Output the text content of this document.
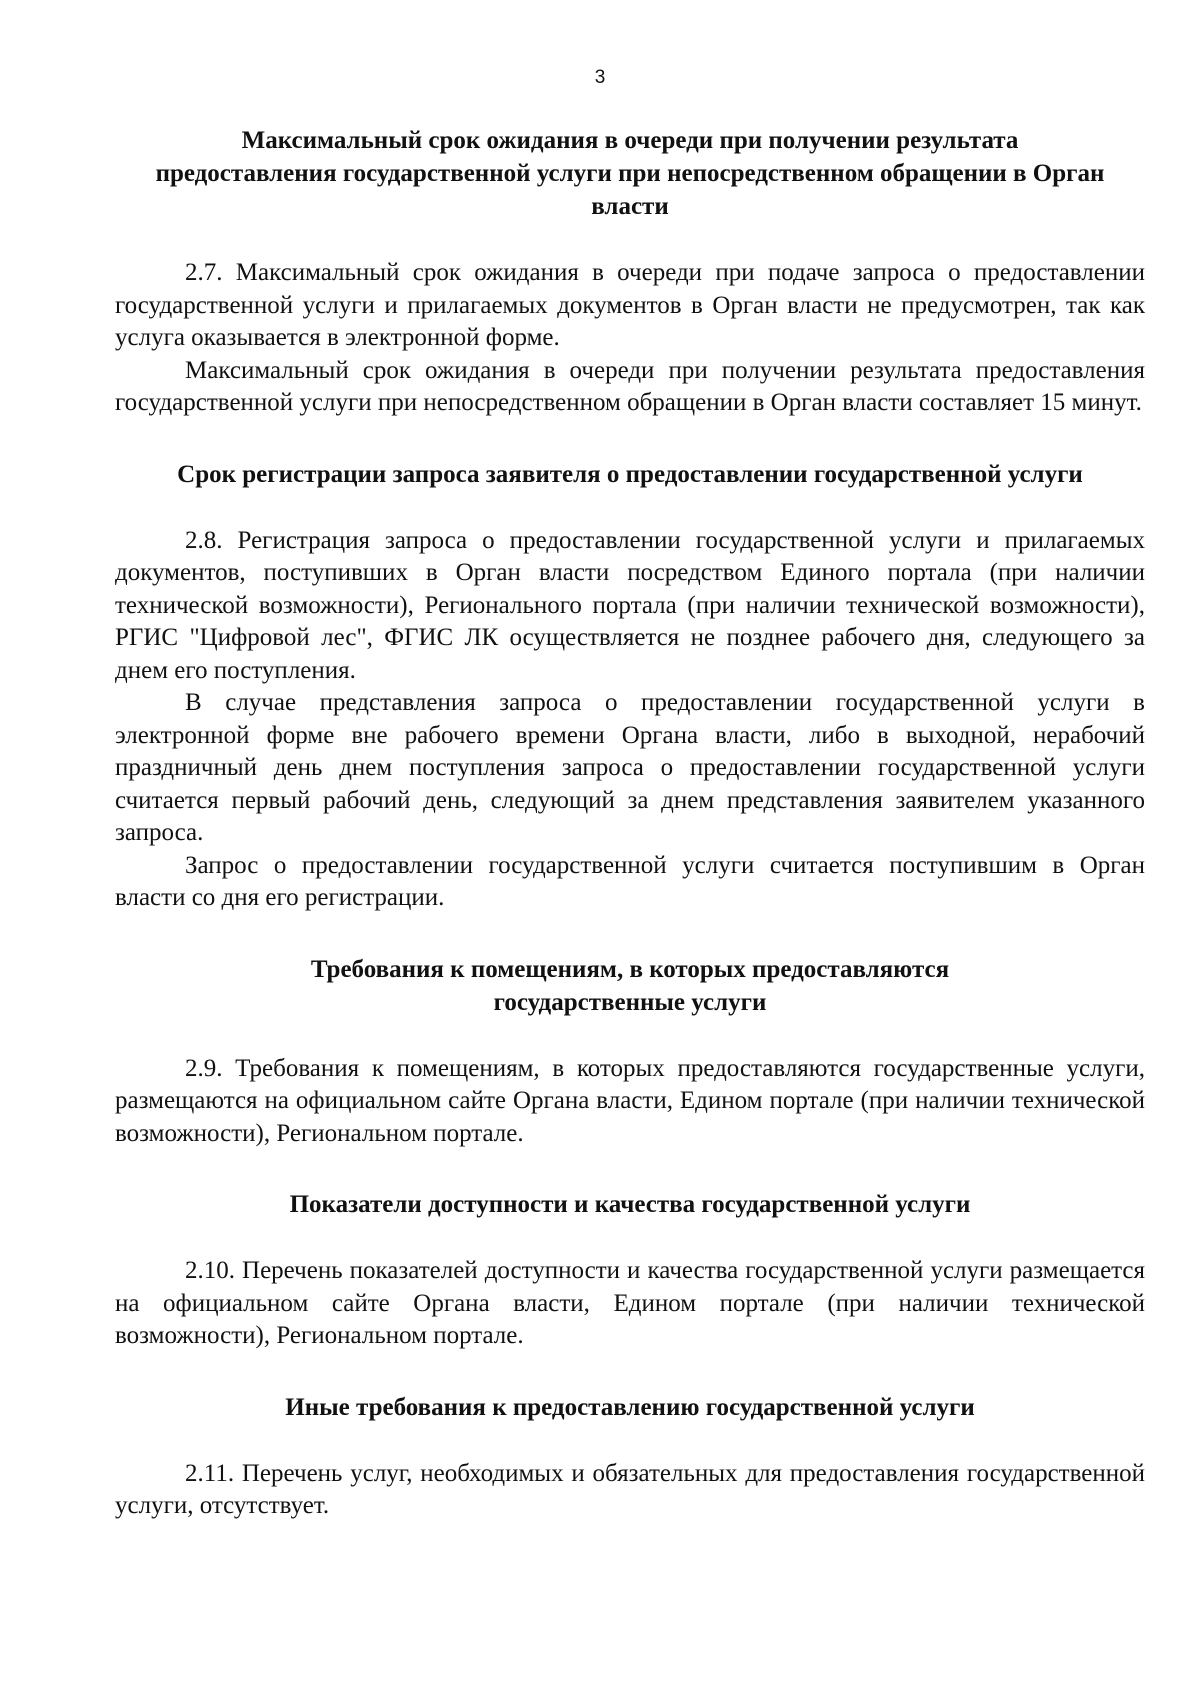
3
Максимальный срок ожидания в очереди при получении результата предоставления государственной услуги при непосредственном обращении в Орган власти

2.7. Максимальный срок ожидания в очереди при подаче запроса о предоставлении государственной услуги и прилагаемых документов в Орган власти не предусмотрен, так как услуга оказывается в электронной форме.

Максимальный срок ожидания в очереди при получении результата предоставления государственной услуги при непосредственном обращении в Орган власти составляет 15 минут.

Срок регистрации запроса заявителя о предоставлении государственной услуги

2.8. Регистрация запроса о предоставлении государственной услуги и прилагаемых документов, поступивших в Орган власти посредством Единого портала (при наличии технической возможности), Регионального портала (при наличии технической возможности), РГИС "Цифровой лес", ФГИС ЛК осуществляется не позднее рабочего дня, следующего за днем его поступления.

В случае представления запроса о предоставлении государственной услуги в электронной форме вне рабочего времени Органа власти, либо в выходной, нерабочий праздничный день днем поступления запроса о предоставлении государственной услуги считается первый рабочий день, следующий за днем представления заявителем указанного запроса.

Запрос о предоставлении государственной услуги считается поступившим в Орган власти со дня его регистрации.

Требования к помещениям, в которых предоставляются государственные услуги

2.9. Требования к помещениям, в которых предоставляются государственные услуги, размещаются на официальном сайте Органа власти, Едином портале (при наличии технической возможности), Региональном портале.

Показатели доступности и качества государственной услуги

2.10. Перечень показателей доступности и качества государственной услуги размещается на официальном сайте Органа власти, Едином портале (при наличии технической возможности), Региональном портале.

Иные требования к предоставлению государственной услуги

2.11. Перечень услуг, необходимых и обязательных для предоставления государственной услуги, отсутствует.
